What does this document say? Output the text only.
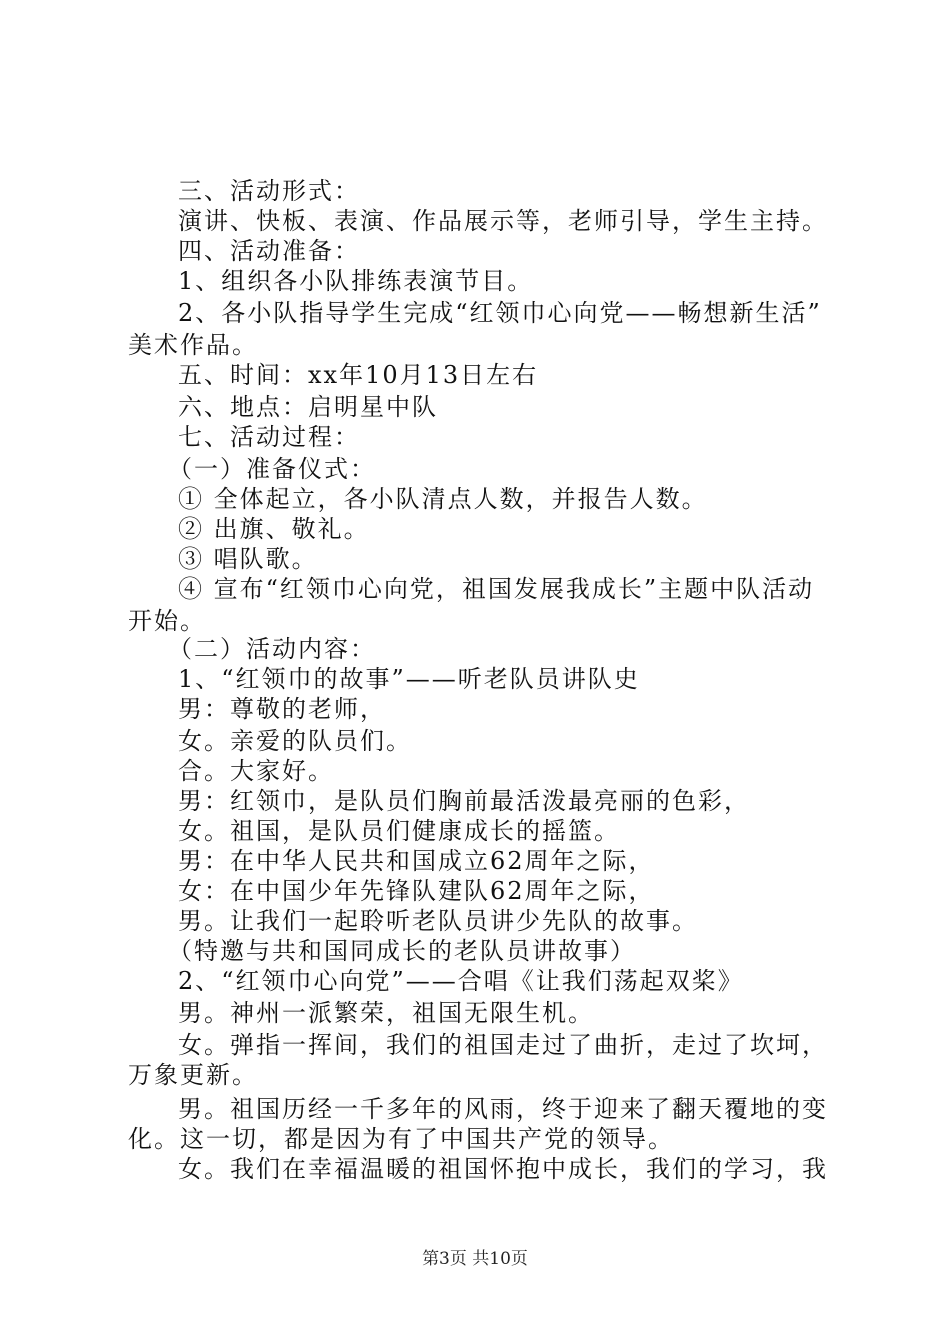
三、活动形式：
演讲、快板、表演、作品展示等，老师引导，学生主持。
四、活动准备：
1、组织各小队排练表演节目。
2、各小队指导学生完成“红领巾心向党——畅想新生活”
美术作品。
五、时间：xx年10月13日左右
六、地点：启明星中队
七、活动过程：
（一）准备仪式：
① 全体起立，各小队清点人数，并报告人数。
② 出旗、敬礼。
③ 唱队歌。
④ 宣布“红领巾心向党，祖国发展我成长”主题中队活动
开始。
（二）活动内容：
1、“红领巾的故事”——听老队员讲队史
男：尊敬的老师，
女。亲爱的队员们。
合。大家好。
男：红领巾，是队员们胸前最活泼最亮丽的色彩，
女。祖国，是队员们健康成长的摇篮。
男：在中华人民共和国成立62周年之际，
女：在中国少年先锋队建队62周年之际，
男。让我们一起聆听老队员讲少先队的故事。
（特邀与共和国同成长的老队员讲故事）
2、“红领巾心向党”——合唱《让我们荡起双桨》
男。神州一派繁荣，祖国无限生机。
女。弹指一挥间，我们的祖国走过了曲折，走过了坎坷，
万象更新。
男。祖国历经一千多年的风雨，终于迎来了翻天覆地的变
化。这一切，都是因为有了中国共产党的领导。
女。我们在幸福温暖的祖国怀抱中成长，我们的学习，我
第3页 共10页
